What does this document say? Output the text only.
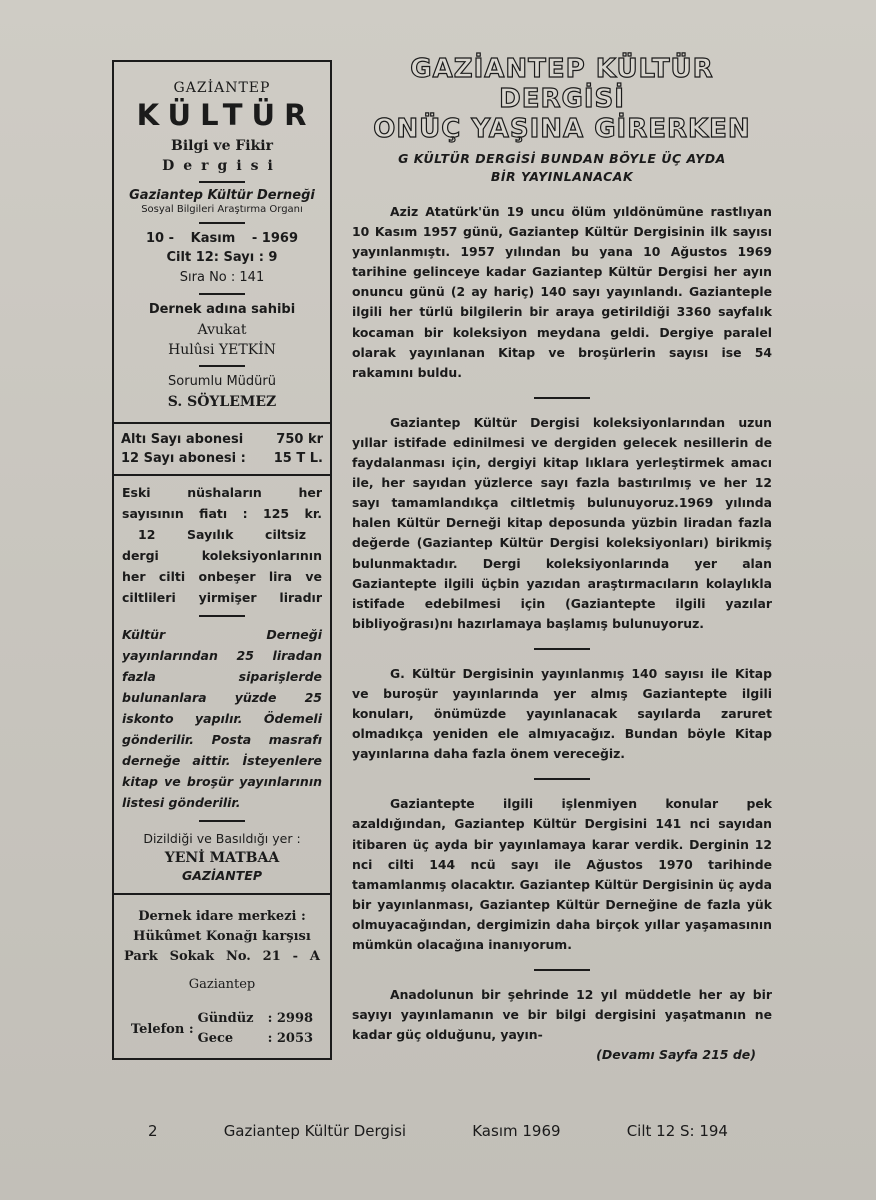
GAZİANTEP
KÜLTÜR
Bilgi ve Fikir
Dergisi
Gaziantep Kültür Derneği
Sosyal Bilgileri Araştırma Organı
10 - Kasım - 1969
Cilt 12: Sayı : 9
Sıra No : 141
Dernek adına sahibi
Avukat
Hulûsi YETKİN
Sorumlu Müdürü
S. SÖYLEMEZ
Altı Sayı abonesi	750 kr
12 Sayı abonesi : 15 T L.
Eski nüshaların her
sayısının fiatı : 125 kr.
12 Sayılık ciltsiz
dergi koleksiyonlarının
her cilti onbeşer lira ve
ciltlileri yirmişer liradır
Kültür Derneği yayınlarından 25 liradan fazla siparişlerde bulunanlara yüzde 25 iskonto yapılır. Ödemeli gönderilir. Posta masrafı derneğe aittir. İsteyenlere kitap ve broşür yayınlarının listesi gönderilir.
Dizildiği ve Basıldığı yer :
YENİ MATBAA
GAZİANTEP
Dernek idare merkezi :
Hükûmet Konağı karşısı
Park Sokak No. 21 - A
Gaziantep
Telefon :
Gündüz : 2998
Gece	: 2053
GAZİANTEP KÜLTÜR DERGİSİ
ONÜÇ YAŞINA GİRERKEN
G KÜLTÜR DERGİSİ BUNDAN BÖYLE ÜÇ AYDA
BİR YAYINLANACAK

Aziz Atatürk'ün 19 uncu ölüm yıldönümüne rastlıyan 10 Kasım 1957 günü, Gaziantep Kültür Dergisinin ilk sayısı yayınlanmıştı. 1957 yılından bu yana 10 Ağustos 1969 tarihine gelinceye kadar Gaziantep Kültür Dergisi her ayın onuncu günü (2 ay hariç) 140 sayı yayınlandı. Gazianteple ilgili her türlü bilgilerin bir araya getirildiği 3360 sayfalık kocaman bir koleksiyon meydana geldi. Dergiye paralel olarak yayınlanan Kitap ve broşürlerin sayısı ise 54 rakamını buldu.

Gaziantep Kültür Dergisi koleksiyonlarından uzun yıllar istifade edinilmesi ve dergiden gelecek nesillerin de faydalanması için, dergiyi kitap lıklara yerleştirmek amacı ile, her sayıdan yüzlerce sayı fazla bastırılmış ve her 12 sayı tamamlandıkça ciltletmiş bulunuyoruz.1969 yılında halen Kültür Derneği kitap deposunda yüzbin liradan fazla değerde (Gaziantep Kültür Dergisi koleksiyonları) birikmiş bulunmaktadır. Dergi koleksiyonlarında yer alan Gaziantepte ilgili üçbin yazıdan araştırmacıların kolaylıkla istifade edebilmesi için (Gaziantepte ilgili yazılar bibliyoğrası)nı hazırlamaya başlamış bulunuyoruz.

G. Kültür Dergisinin yayınlanmış 140 sayısı ile Kitap ve buroşür yayınlarında yer almış Gaziantepte ilgili konuları, önümüzde yayınlanacak sayılarda zaruret olmadıkça yeniden ele almıyacağız. Bundan böyle Kitap yayınlarına daha fazla önem vereceğiz.

Gaziantepte ilgili işlenmiyen konular pek azaldığından, Gaziantep Kültür Dergisini 141 nci sayıdan itibaren üç ayda bir yayınlamaya karar verdik. Derginin 12 nci cilti 144 ncü sayı ile Ağustos 1970 tarihinde tamamlanmış olacaktır. Gaziantep Kültür Dergisinin üç ayda bir yayınlanması, Gaziantep Kültür Derneğine de fazla yük olmuyacağından, dergimizin daha birçok yıllar yaşamasının mümkün olacağına inanıyorum.

Anadolunun bir şehrinde 12 yıl müddetle her ay bir sayıyı yayınlamanın ve bir bilgi dergisini yaşatmanın ne kadar güç olduğunu, yayın-

(Devamı Sayfa 215 de)
2	Gaziantep Kültür Dergisi	Kasım 1969	Cilt 12 S: 194
